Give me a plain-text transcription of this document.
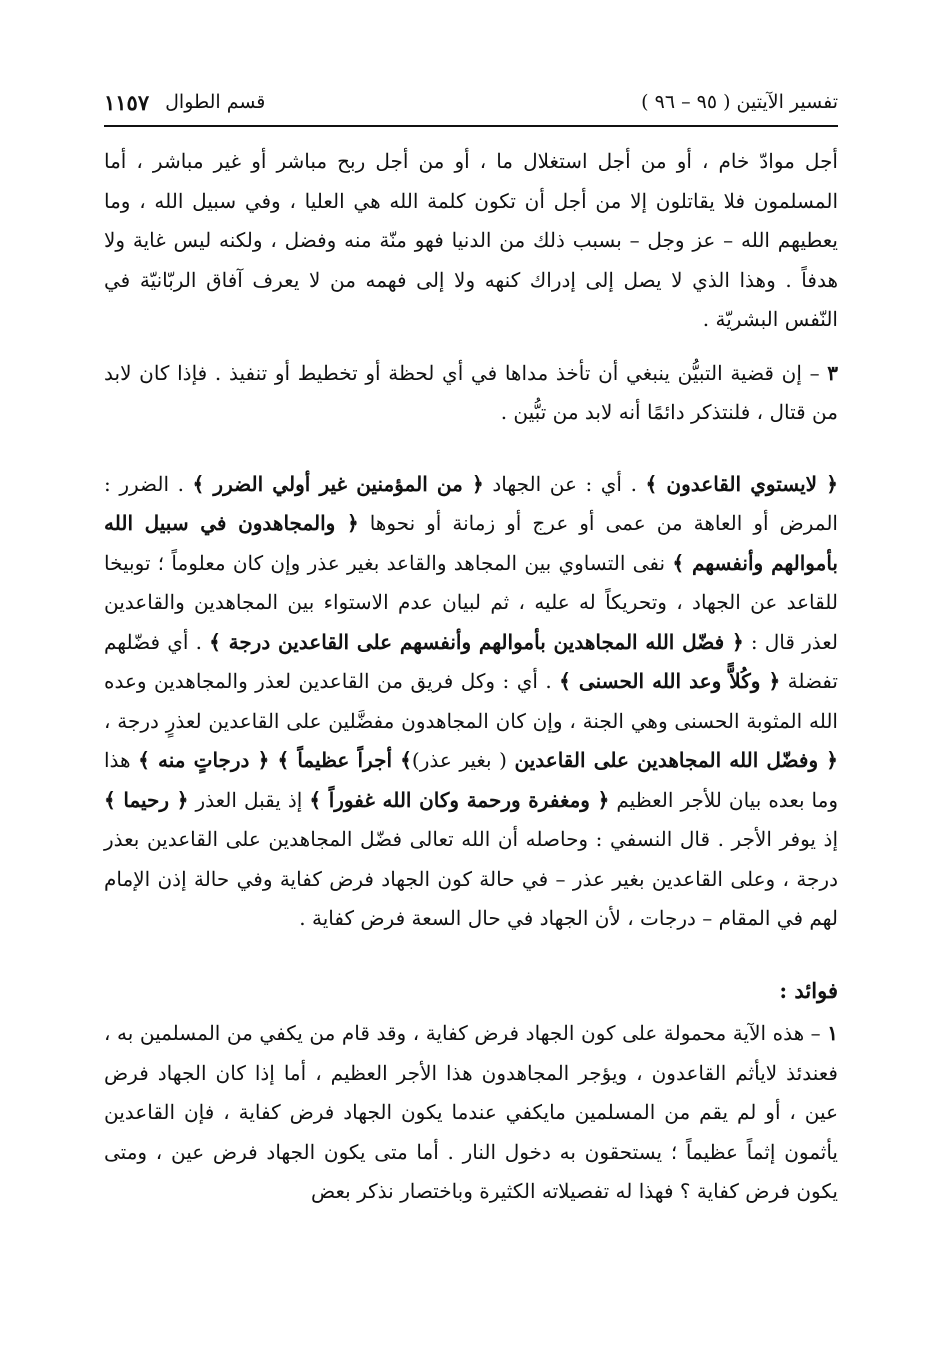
تفسير الآيتين ( ٩٥ – ٩٦ )
قسم الطوال
١١٥٧

أجل موادّ خام ، أو من أجل استغلال ما ، أو من أجل ربح مباشر أو غير مباشر ، أما المسلمون فلا يقاتلون إلا من أجل أن تكون كلمة الله هي العليا ، وفي سبيل الله ، وما يعطيهم الله – عز وجل – بسبب ذلك من الدنيا فهو منّة منه وفضل ، ولكنه ليس غاية ولا هدفاً . وهذا الذي لا يصل إلى إدراك كنهه ولا إلى فهمه من لا يعرف آفاق الربّانيّة في النّفس البشريّة .

٣ – إن قضية التبيُّن ينبغي أن تأخذ مداها في أي لحظة أو تخطيط أو تنفيذ . فإذا كان لابد من قتال ، فلنتذكر دائمًا أنه لابد من تبُّين .

﴿ لايستوي القاعدون ﴾ . أي : عن الجهاد ﴿ من المؤمنين غير أولي الضرر ﴾ . الضرر : المرض أو العاهة من عمى أو عرج أو زمانة أو نحوها ﴿ والمجاهدون في سبيل الله بأموالهم وأنفسهم ﴾ نفى التساوي بين المجاهد والقاعد بغير عذر وإن كان معلوماً ؛ توبيخا للقاعد عن الجهاد ، وتحريكاً له عليه ، ثم لبيان عدم الاستواء بين المجاهدين والقاعدين لعذر قال : ﴿ فضّل الله المجاهدين بأموالهم وأنفسهم على القاعدين درجة ﴾ . أي فضّلهم تفضلة ﴿ وكُلاًّ وعد الله الحسنى ﴾ . أي : وكل فريق من القاعدين لعذر والمجاهدين وعده الله المثوبة الحسنى وهي الجنة ، وإن كان المجاهدون مفضَّلين على القاعدين لعذرٍ درجة ، ﴿ وفضّل الله المجاهدين على القاعدين ( بغير عذر)﴾ أجراً عظيماً ﴾ ﴿ درجاتٍ منه ﴾ هذا وما بعده بيان للأجر العظيم ﴿ ومغفرة ورحمة وكان الله غفوراً ﴾ إذ يقبل العذر ﴿ رحيما ﴾ إذ يوفر الأجر . قال النسفي : وحاصله أن الله تعالى فضّل المجاهدين على القاعدين بعذر درجة ، وعلى القاعدين بغير عذر – في حالة كون الجهاد فرض كفاية وفي حالة إذن الإمام لهم في المقام – درجات ، لأن الجهاد في حال السعة فرض كفاية .

فوائد :

١ – هذه الآية محمولة على كون الجهاد فرض كفاية ، وقد قام من يكفي من المسلمين به ، فعندئذ لايأثم القاعدون ، ويؤجر المجاهدون هذا الأجر العظيم ، أما إذا كان الجهاد فرض عين ، أو لم يقم من المسلمين مايكفي عندما يكون الجهاد فرض كفاية ، فإن القاعدين يأثمون إثماً عظيماً ؛ يستحقون به دخول النار . أما متى يكون الجهاد فرض عين ، ومتى يكون فرض كفاية ؟ فهذا له تفصيلاته الكثيرة وباختصار نذكر بعض
